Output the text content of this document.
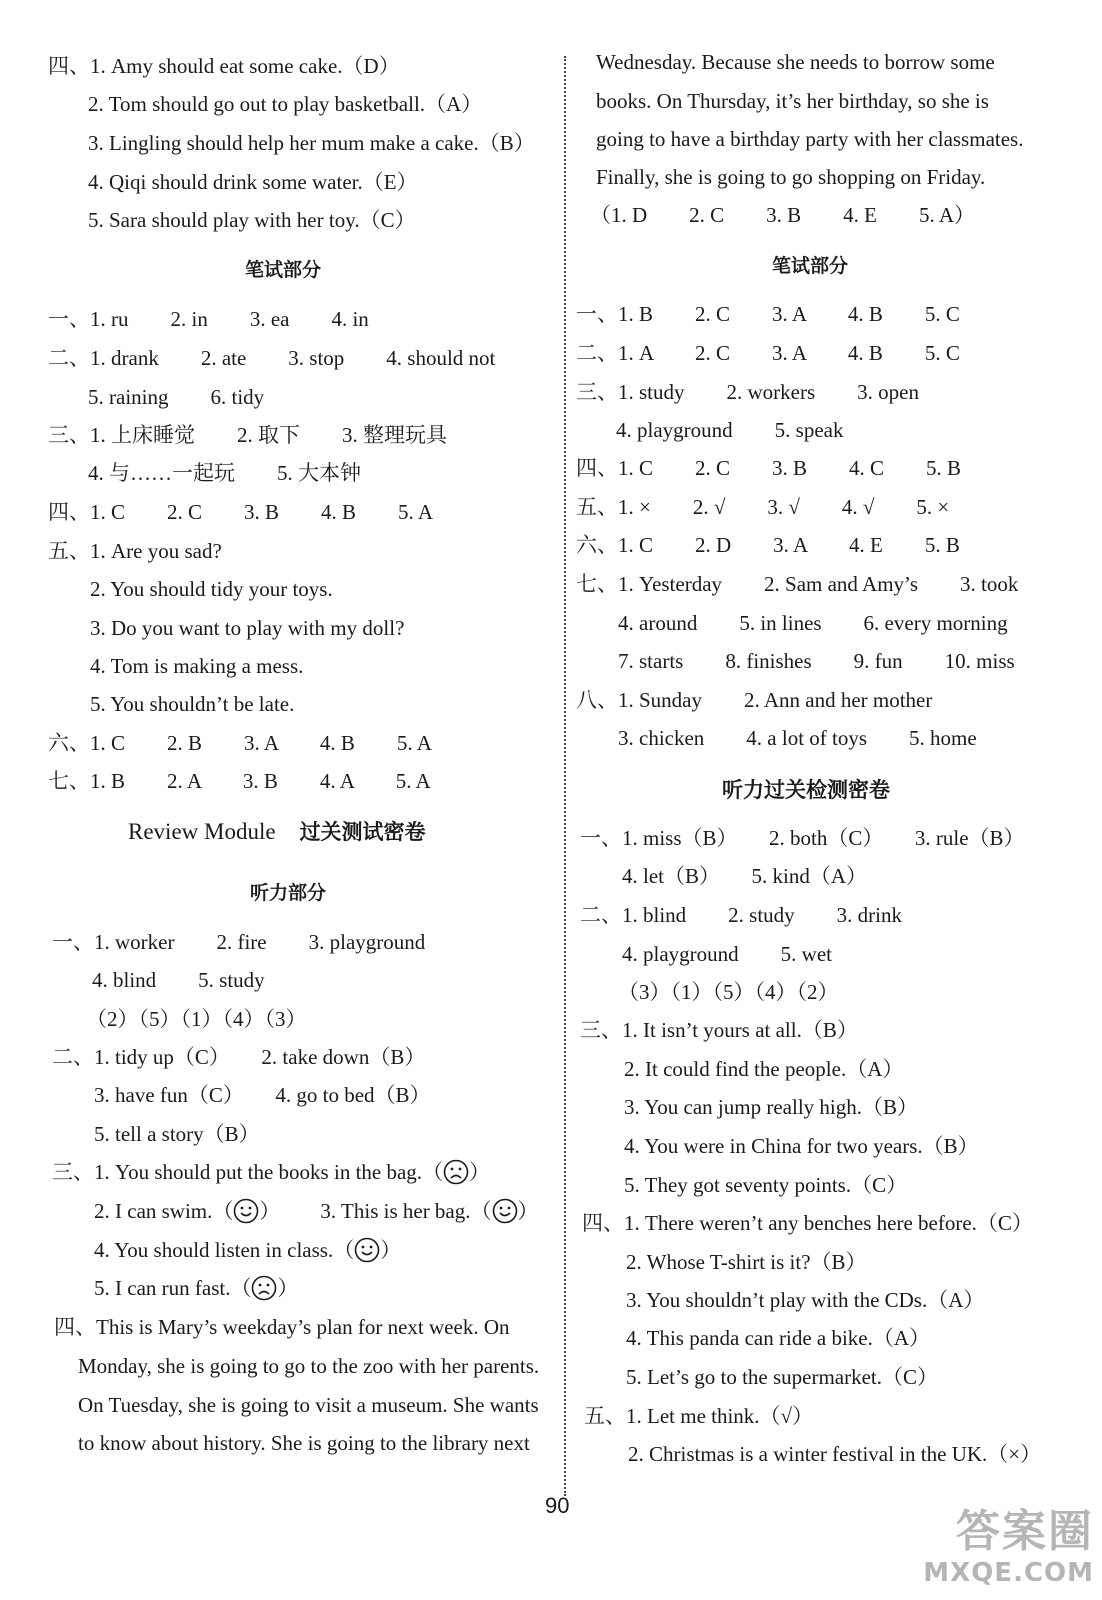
四、1. Amy should eat some cake.（D）
2. Tom should go out to play basketball.（A）
3. Lingling should help her mum make a cake.（B）
4. Qiqi should drink some water.（E）
5. Sara should play with her toy.（C）
笔试部分
一、1. ru　　2. in　　3. ea　　4. in
二、1. drank　　2. ate　　3. stop　　4. should not
5. raining　　6. tidy
三、1. 上床睡觉　　2. 取下　　3. 整理玩具
4. 与……一起玩　　5. 大本钟
四、1. C　　2. C　　3. B　　4. B　　5. A
五、1. Are you sad?
2. You should tidy your toys.
3. Do you want to play with my doll?
4. Tom is making a mess.
5. You shouldn’t be late.
六、1. C　　2. B　　3. A　　4. B　　5. A
七、1. B　　2. A　　3. B　　4. A　　5. A
Review Module 过关测试密卷
听力部分
一、1. worker　　2. fire　　3. playground
4. blind　　5. study
（2）（5）（1）（4）（3）
二、1. tidy up（C）　　2. take down（B）
3. have fun（C）　　4. go to bed（B）
5. tell a story（B）
三、1. You should put the books in the bag.（ ）
2. I can swim.（ ） 3. This is her bag.（ ）
4. You should listen in class.（ ）
5. I can run fast.（ ）
四、This is Mary’s weekday’s plan for next week. On
Monday, she is going to go to the zoo with her parents.
On Tuesday, she is going to visit a museum. She wants
to know about history. She is going to the library next
Wednesday. Because she needs to borrow some
books. On Thursday, it’s her birthday, so she is
going to have a birthday party with her classmates.
Finally, she is going to go shopping on Friday.
（1. D　　2. C　　3. B　　4. E　　5. A）
笔试部分
一、1. B　　2. C　　3. A　　4. B　　5. C
二、1. A　　2. C　　3. A　　4. B　　5. C
三、1. study　　2. workers　　3. open
4. playground　　5. speak
四、1. C　　2. C　　3. B　　4. C　　5. B
五、1. ×　　2. √　　3. √　　4. √　　5. ×
六、1. C　　2. D　　3. A　　4. E　　5. B
七、1. Yesterday　　2. Sam and Amy’s　　3. took
4. around　　5. in lines　　6. every morning
7. starts　　8. finishes　　9. fun　　10. miss
八、1. Sunday　　2. Ann and her mother
3. chicken　　4. a lot of toys　　5. home
听力过关检测密卷
一、1. miss（B）　　2. both（C）　　3. rule（B）
4. let（B）　　5. kind（A）
二、1. blind　　2. study　　3. drink
4. playground　　5. wet
（3）（1）（5）（4）（2）
三、1. It isn’t yours at all.（B）
2. It could find the people.（A）
3. You can jump really high.（B）
4. You were in China for two years.（B）
5. They got seventy points.（C）
四、1. There weren’t any benches here before.（C）
2. Whose T-shirt is it?（B）
3. You shouldn’t play with the CDs.（A）
4. This panda can ride a bike.（A）
5. Let’s go to the supermarket.（C）
五、1. Let me think.（√）
2. Christmas is a winter festival in the UK.（×）
90
答案圈
MXQE.COM
